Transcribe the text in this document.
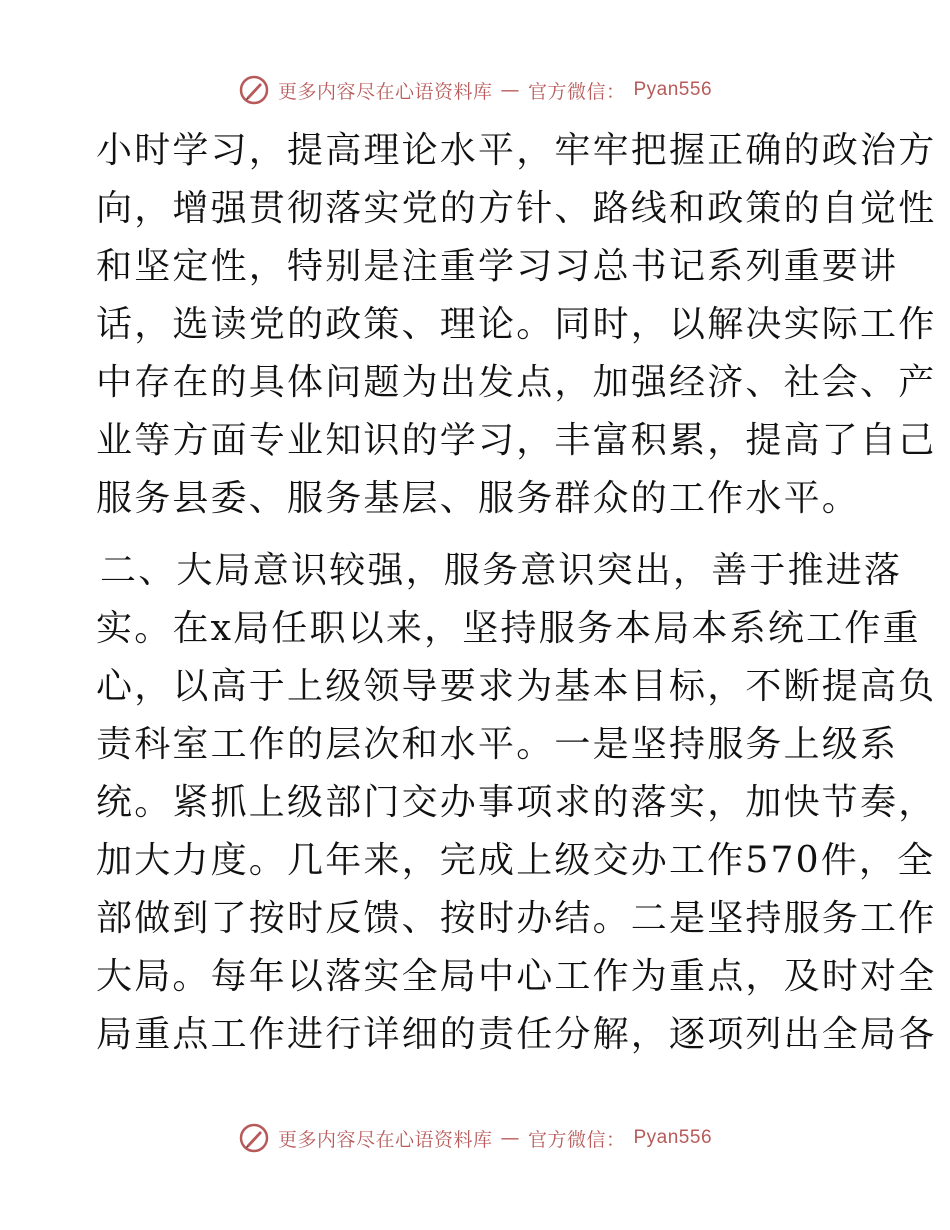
更多内容尽在心语资料库 — 官方微信： Pyan556
小时学习，提高理论水平，牢牢把握正确的政治方
向，增强贯彻落实党的方针、路线和政策的自觉性
和坚定性，特别是注重学习习总书记系列重要讲
话，选读党的政策、理论。同时，以解决实际工作
中存在的具体问题为出发点，加强经济、社会、产
业等方面专业知识的学习，丰富积累，提高了自己
服务县委、服务基层、服务群众的工作水平。
二、大局意识较强，服务意识突出，善于推进落
实。在x局任职以来，坚持服务本局本系统工作重
心，以高于上级领导要求为基本目标，不断提高负
责科室工作的层次和水平。一是坚持服务上级系
统。紧抓上级部门交办事项求的落实，加快节奏，
加大力度。几年来，完成上级交办工作570件，全
部做到了按时反馈、按时办结。二是坚持服务工作
大局。每年以落实全局中心工作为重点，及时对全
局重点工作进行详细的责任分解，逐项列出全局各
更多内容尽在心语资料库 — 官方微信： Pyan556
